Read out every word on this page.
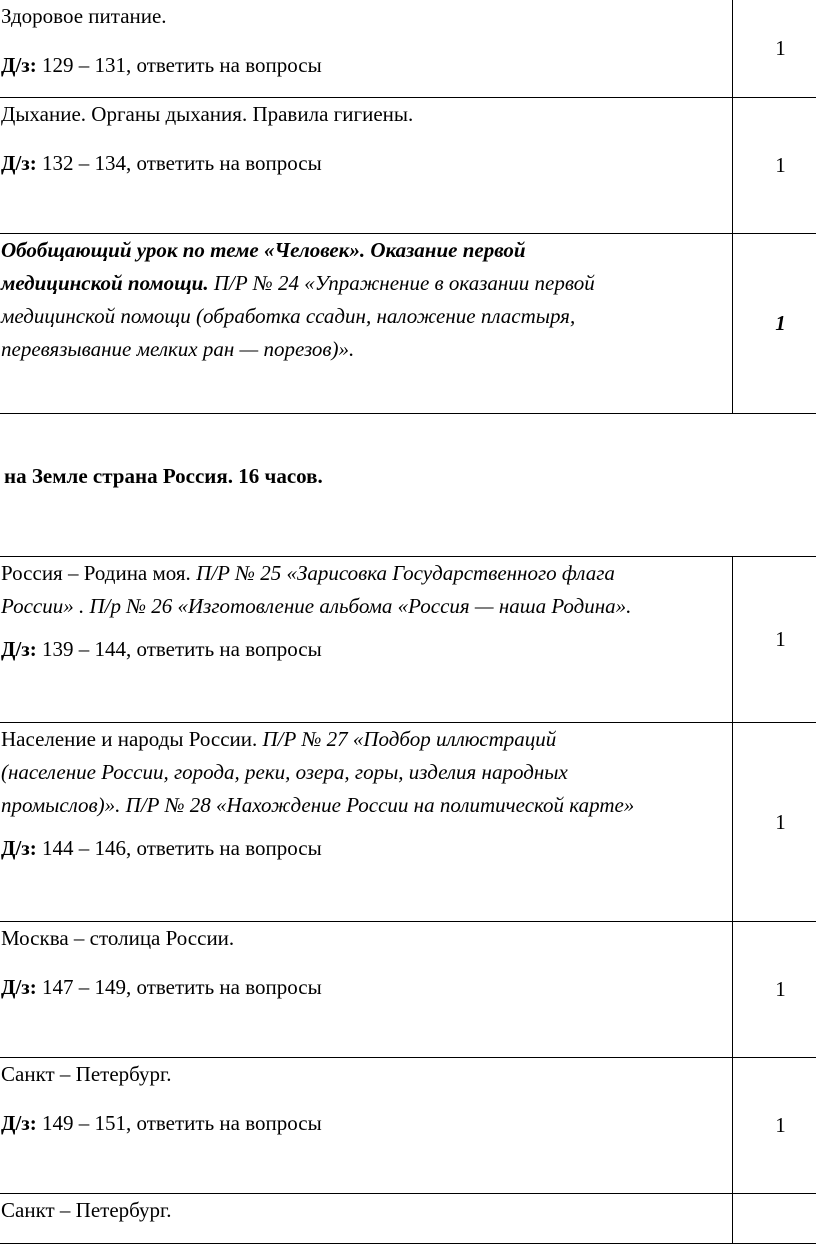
Здоровое питание.
Д/з: 129 – 131, ответить на вопросы	1

Дыхание. Органы дыхания. Правила гигиены.
Д/з: 132 – 134, ответить на вопросы	1

Обобщающий урок по теме «Человек». Оказание первой
медицинской помощи. П/Р № 24 «Упражнение в оказании первой
медицинской помощи (обработка ссадин, наложение пластыря,
перевязывание мелких ран — порезов)».	1
на Земле страна Россия. 16 часов.
Россия – Родина моя. П/Р № 25 «Зарисовка Государственного флага
России» . П/р № 26 «Изготовление альбома «Россия — наша Родина».
Д/з: 139 – 144, ответить на вопросы	1

Население и народы России. П/Р № 27 «Подбор иллюстраций
(население России, города, реки, озера, горы, изделия народных
промыслов)». П/Р № 28 «Нахождение России на политической карте»
Д/з: 144 – 146, ответить на вопросы	1

Москва – столица России.
Д/з: 147 – 149, ответить на вопросы	1

Санкт – Петербург.
Д/з: 149 – 151, ответить на вопросы	1

Санкт – Петербург.	
